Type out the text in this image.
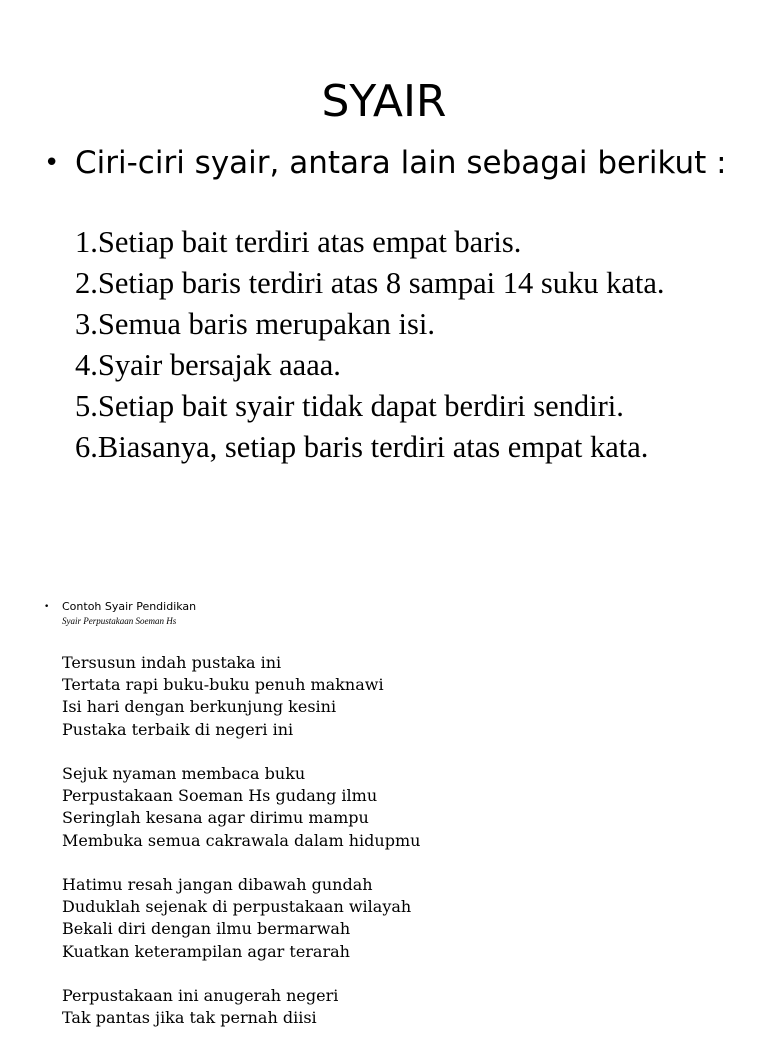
SYAIR
• Ciri-ciri syair, antara lain sebagai berikut :
1.Setiap bait terdiri atas empat baris.
2.Setiap baris terdiri atas 8 sampai 14 suku kata.
3.Semua baris merupakan isi.
4.Syair bersajak aaaa.
5.Setiap bait syair tidak dapat berdiri sendiri.
6.Biasanya, setiap baris terdiri atas empat kata.
• Contoh Syair Pendidikan
Syair Perpustakaan Soeman Hs
Tersusun indah pustaka ini
Tertata rapi buku-buku penuh maknawi
Isi hari dengan berkunjung kesini
Pustaka terbaik di negeri ini
Sejuk nyaman membaca buku
Perpustakaan Soeman Hs gudang ilmu
Seringlah kesana agar dirimu mampu
Membuka semua cakrawala dalam hidupmu
Hatimu resah jangan dibawah gundah
Duduklah sejenak di perpustakaan wilayah
Bekali diri dengan ilmu bermarwah
Kuatkan keterampilan agar terarah
Perpustakaan ini anugerah negeri
Tak pantas jika tak pernah diisi
